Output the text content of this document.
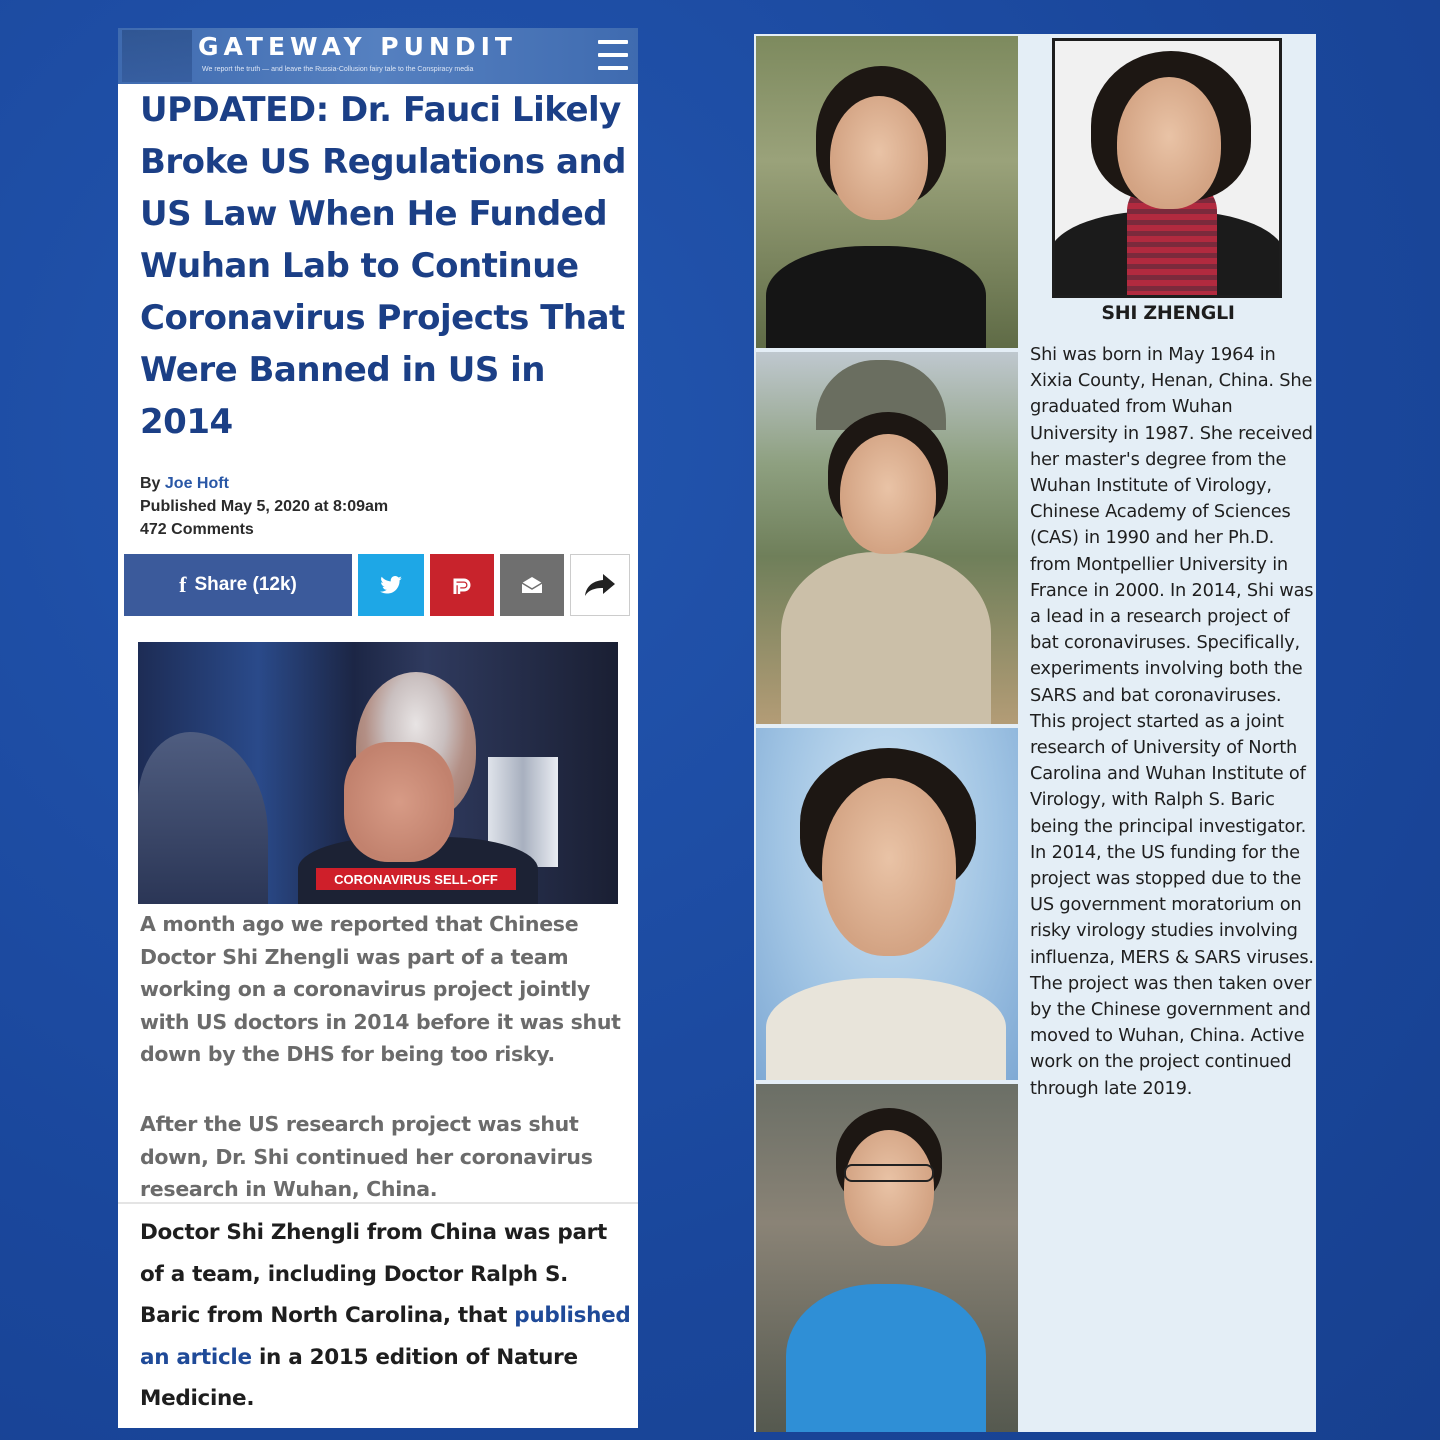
GATEWAY PUNDIT
We report the truth — and leave the Russia-Collusion fairy tale to the Conspiracy media
UPDATED: Dr. Fauci Likely Broke US Regulations and US Law When He Funded Wuhan Lab to Continue Coronavirus Projects That Were Banned in US in 2014
By Joe Hoft
Published May 5, 2020 at 8:09am
472 Comments
f Share (12k)
CORONAVIRUS SELL-OFF
A month ago we reported that Chinese Doctor Shi Zhengli was part of a team working on a coronavirus project jointly with US doctors in 2014 before it was shut down by the DHS for being too risky.
After the US research project was shut down, Dr. Shi continued her coronavirus research in Wuhan, China.
Doctor Shi Zhengli from China was part of a team, including Doctor Ralph S. Baric from North Carolina, that published an article in a 2015 edition of Nature Medicine.
SHI ZHENGLI
Shi was born in May 1964 in Xixia County, Henan, China. She graduated from Wuhan University in 1987. She received her master's degree from the Wuhan Institute of Virology, Chinese Academy of Sciences (CAS) in 1990 and her Ph.D. from Montpellier University in France in 2000. In 2014, Shi was a lead in a research project of bat coronaviruses. Specifically, experiments involving both the SARS and bat coronaviruses. This project started as a joint research of University of North Carolina and Wuhan Institute of Virology, with Ralph S. Baric being the principal investigator. In 2014, the US funding for the project was stopped due to the US government moratorium on risky virology studies involving influenza, MERS & SARS viruses. The project was then taken over by the Chinese government and moved to Wuhan, China. Active work on the project continued through late 2019.
